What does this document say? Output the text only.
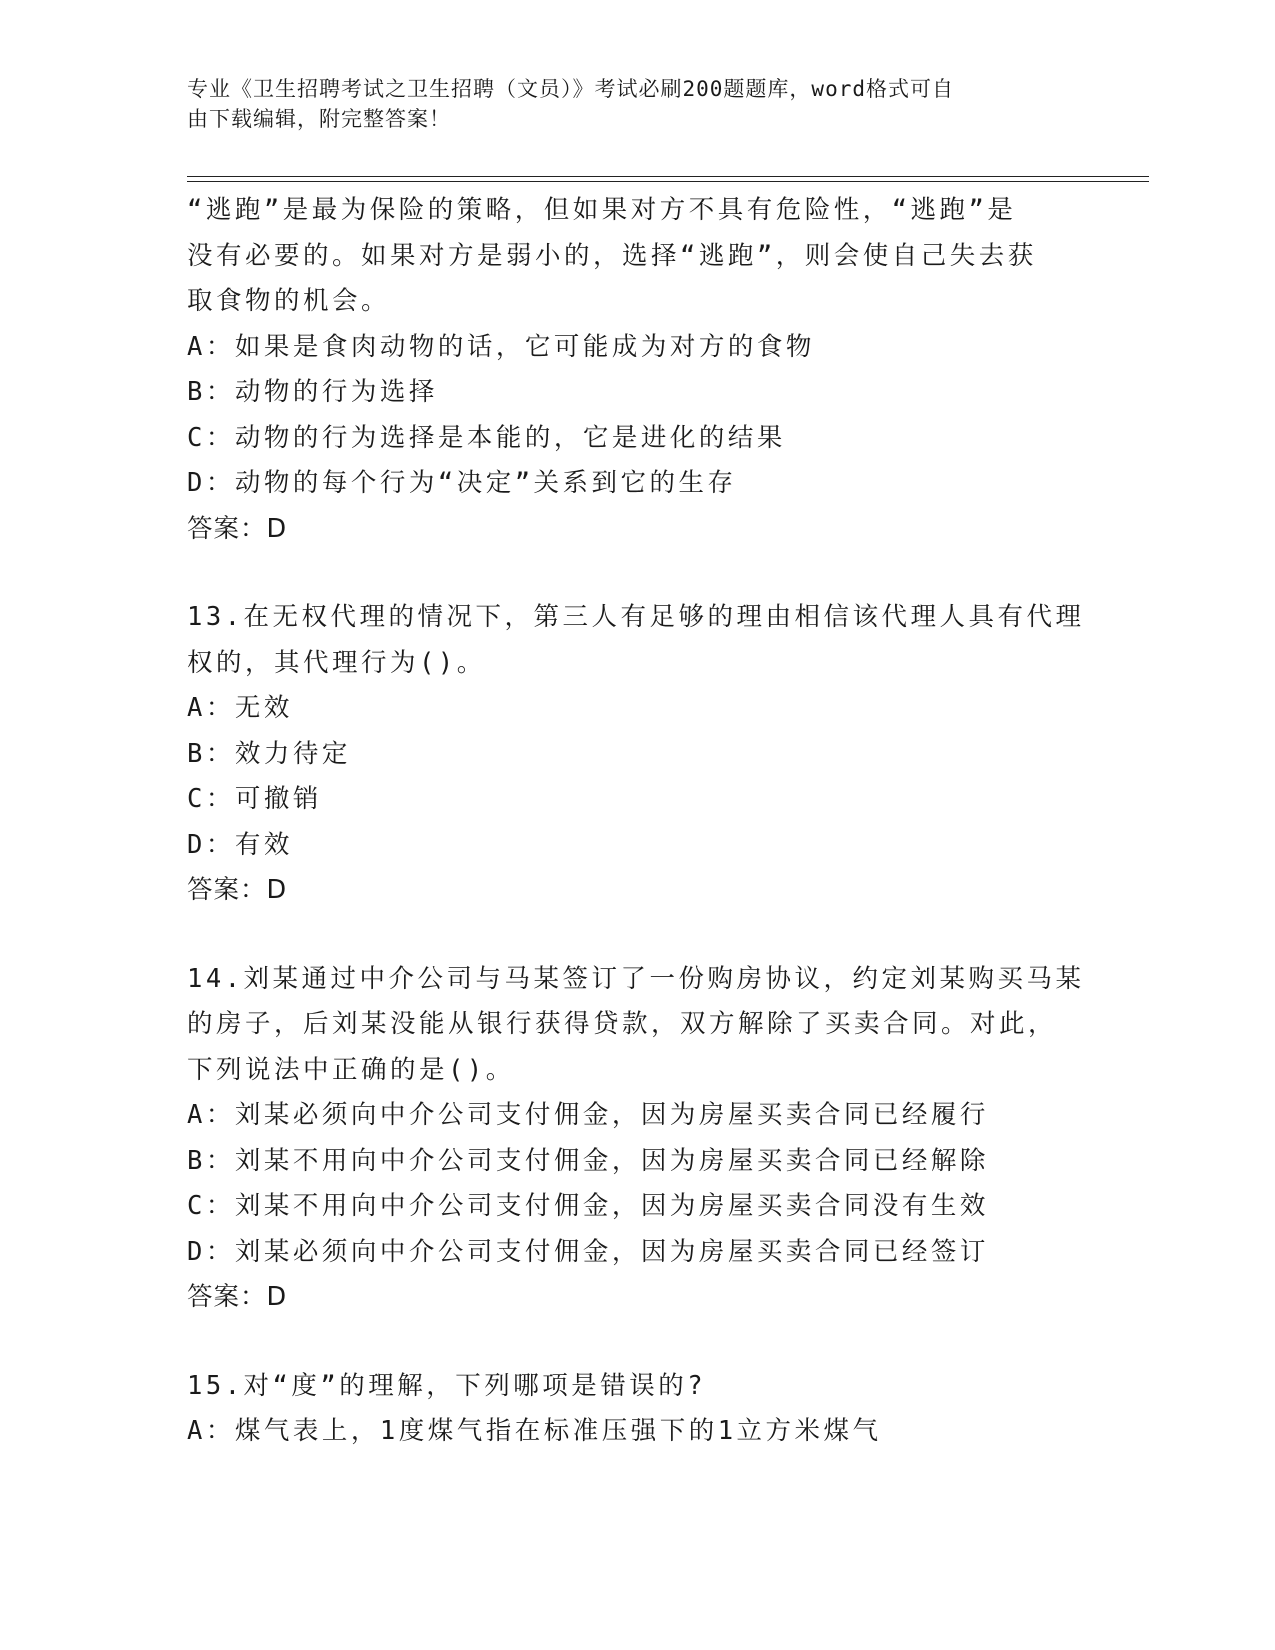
专业《卫生招聘考试之卫生招聘（文员）》考试必刷200题题库，word格式可自
由下载编辑，附完整答案！
“逃跑”是最为保险的策略，但如果对方不具有危险性，“逃跑”是
没有必要的。如果对方是弱小的，选择“逃跑”，则会使自己失去获
取食物的机会。
A：如果是食肉动物的话，它可能成为对方的食物
B：动物的行为选择
C：动物的行为选择是本能的，它是进化的结果
D：动物的每个行为“决定”关系到它的生存
答案：D
13.在无权代理的情况下，第三人有足够的理由相信该代理人具有代理
权的，其代理行为()。
A：无效
B：效力待定
C：可撤销
D：有效
答案：D
14.刘某通过中介公司与马某签订了一份购房协议，约定刘某购买马某
的房子，后刘某没能从银行获得贷款，双方解除了买卖合同。对此，
下列说法中正确的是()。
A：刘某必须向中介公司支付佣金，因为房屋买卖合同已经履行
B：刘某不用向中介公司支付佣金，因为房屋买卖合同已经解除
C：刘某不用向中介公司支付佣金，因为房屋买卖合同没有生效
D：刘某必须向中介公司支付佣金，因为房屋买卖合同已经签订
答案：D
15.对“度”的理解，下列哪项是错误的?
A：煤气表上，1度煤气指在标准压强下的1立方米煤气
